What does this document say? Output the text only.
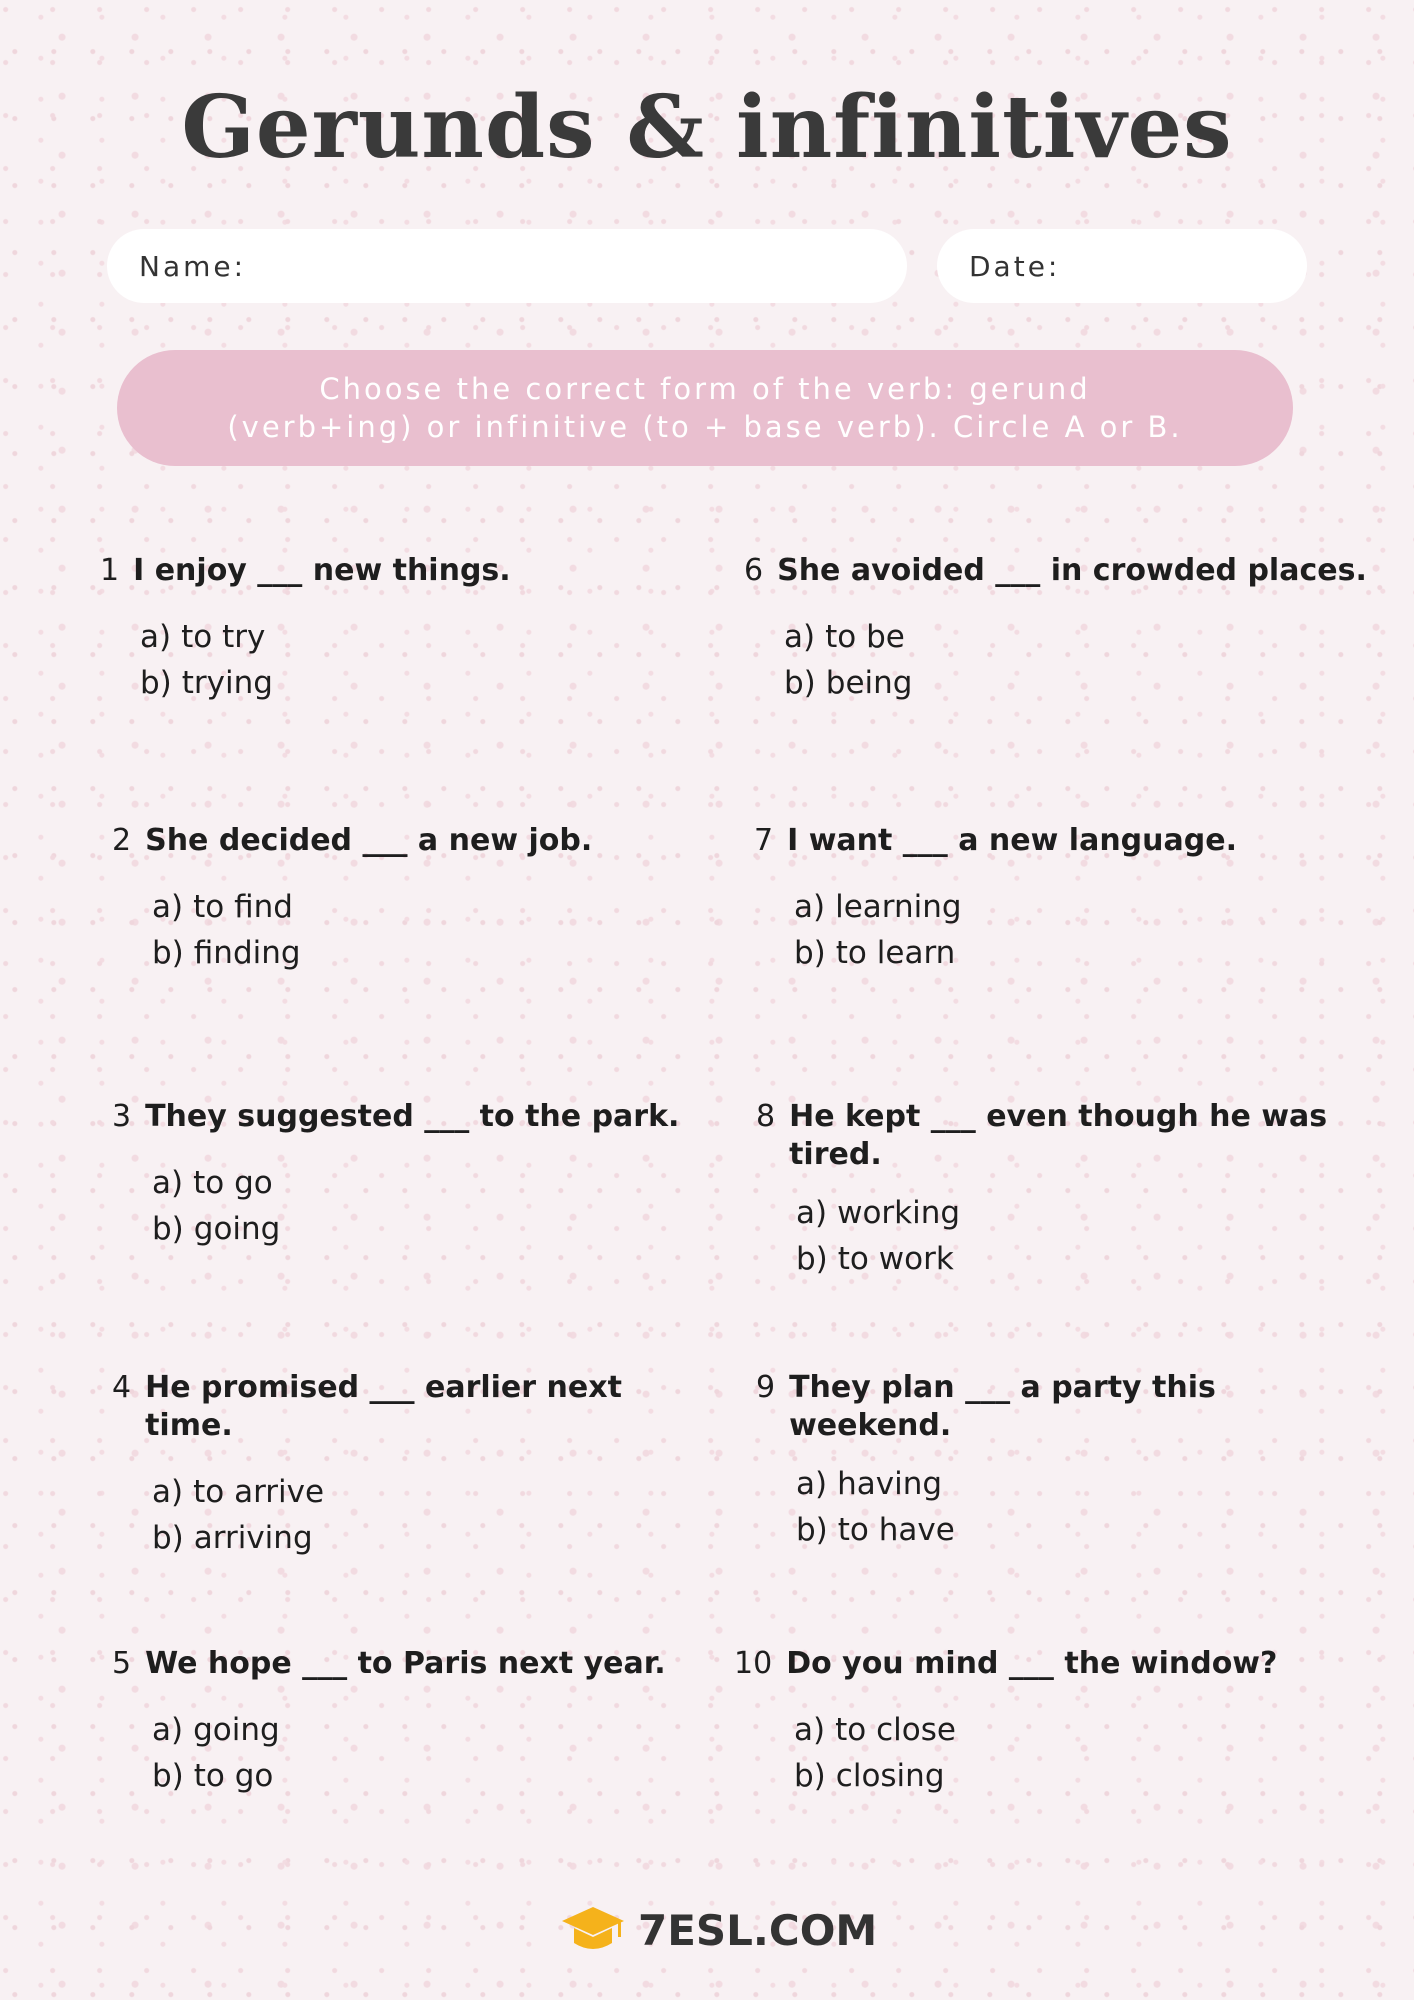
Gerunds & infinitives
Name:	Date:
Choose the correct form of the verb: gerund (verb+ing) or infinitive (to + base verb). Circle A or B.
1 I enjoy ___ new things.
a) to try
b) trying
2 She decided ___ a new job.
a) to find
b) finding
3 They suggested ___ to the park.
a) to go
b) going
4 He promised ___ earlier next time.
a) to arrive
b) arriving
5 We hope ___ to Paris next year.
a) going
b) to go
6 She avoided ___ in crowded places.
a) to be
b) being
7 I want ___ a new language.
a) learning
b) to learn
8 He kept ___ even though he was tired.
a) working
b) to work
9 They plan ___ a party this weekend.
a) having
b) to have
10 Do you mind ___ the window?
a) to close
b) closing
7ESL.COM
